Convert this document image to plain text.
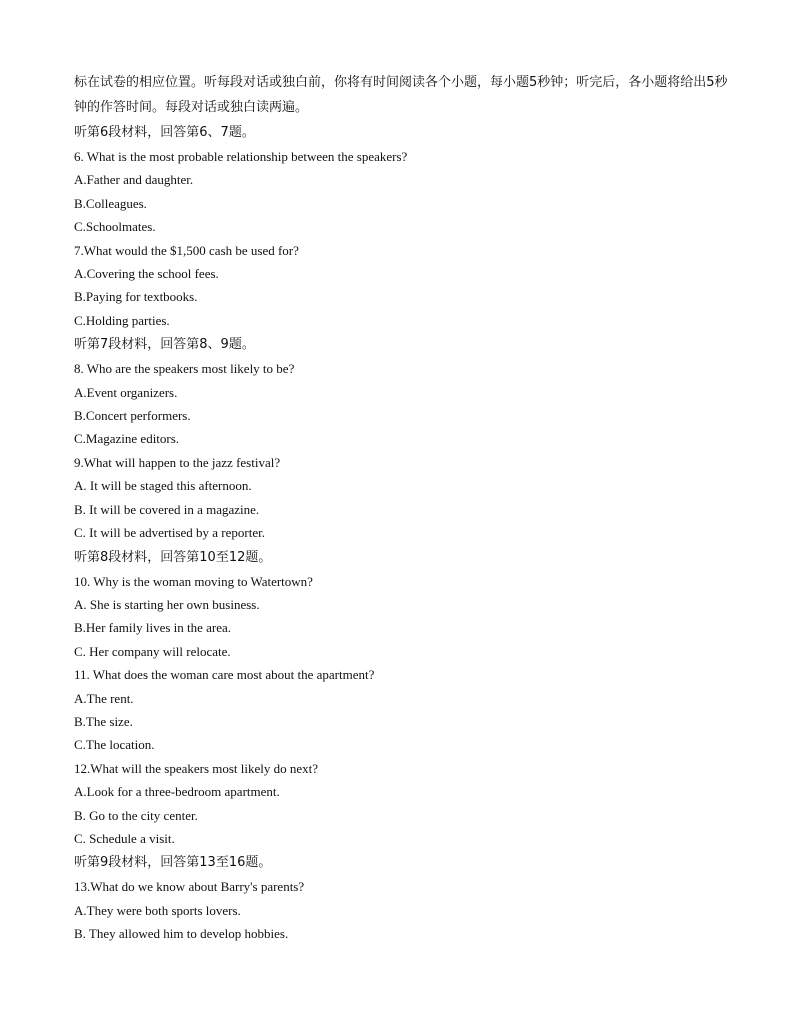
标在试卷的相应位置。听每段对话或独白前，你将有时间阅读各个小题，每小题5秒钟；听完后，各小题将给出5秒钟的作答时间。每段对话或独白读两遍。

听第6段材料，回答第6、7题。

6. What is the most probable relationship between the speakers?

A.Father and daughter.

B.Colleagues.

C.Schoolmates.

7.What would the $1,500 cash be used for?

A.Covering the school fees.

B.Paying for textbooks.

C.Holding parties.

听第7段材料，回答第8、9题。

8. Who are the speakers most likely to be?

A.Event organizers.

B.Concert performers.

C.Magazine editors.

9.What will happen to the jazz festival?

A. It will be staged this afternoon.

B. It will be covered in a magazine.

C. It will be advertised by a reporter.

听第8段材料，回答第10至12题。

10. Why is the woman moving to Watertown?

A. She is starting her own business.

B.Her family lives in the area.

C. Her company will relocate.

11. What does the woman care most about the apartment?

A.The rent.

B.The size.

C.The location.

12.What will the speakers most likely do next?

A.Look for a three-bedroom apartment.

B. Go to the city center.

C. Schedule a visit.

听第9段材料，回答第13至16题。

13.What do we know about Barry's parents?

A.They were both sports lovers.

B. They allowed him to develop hobbies.
